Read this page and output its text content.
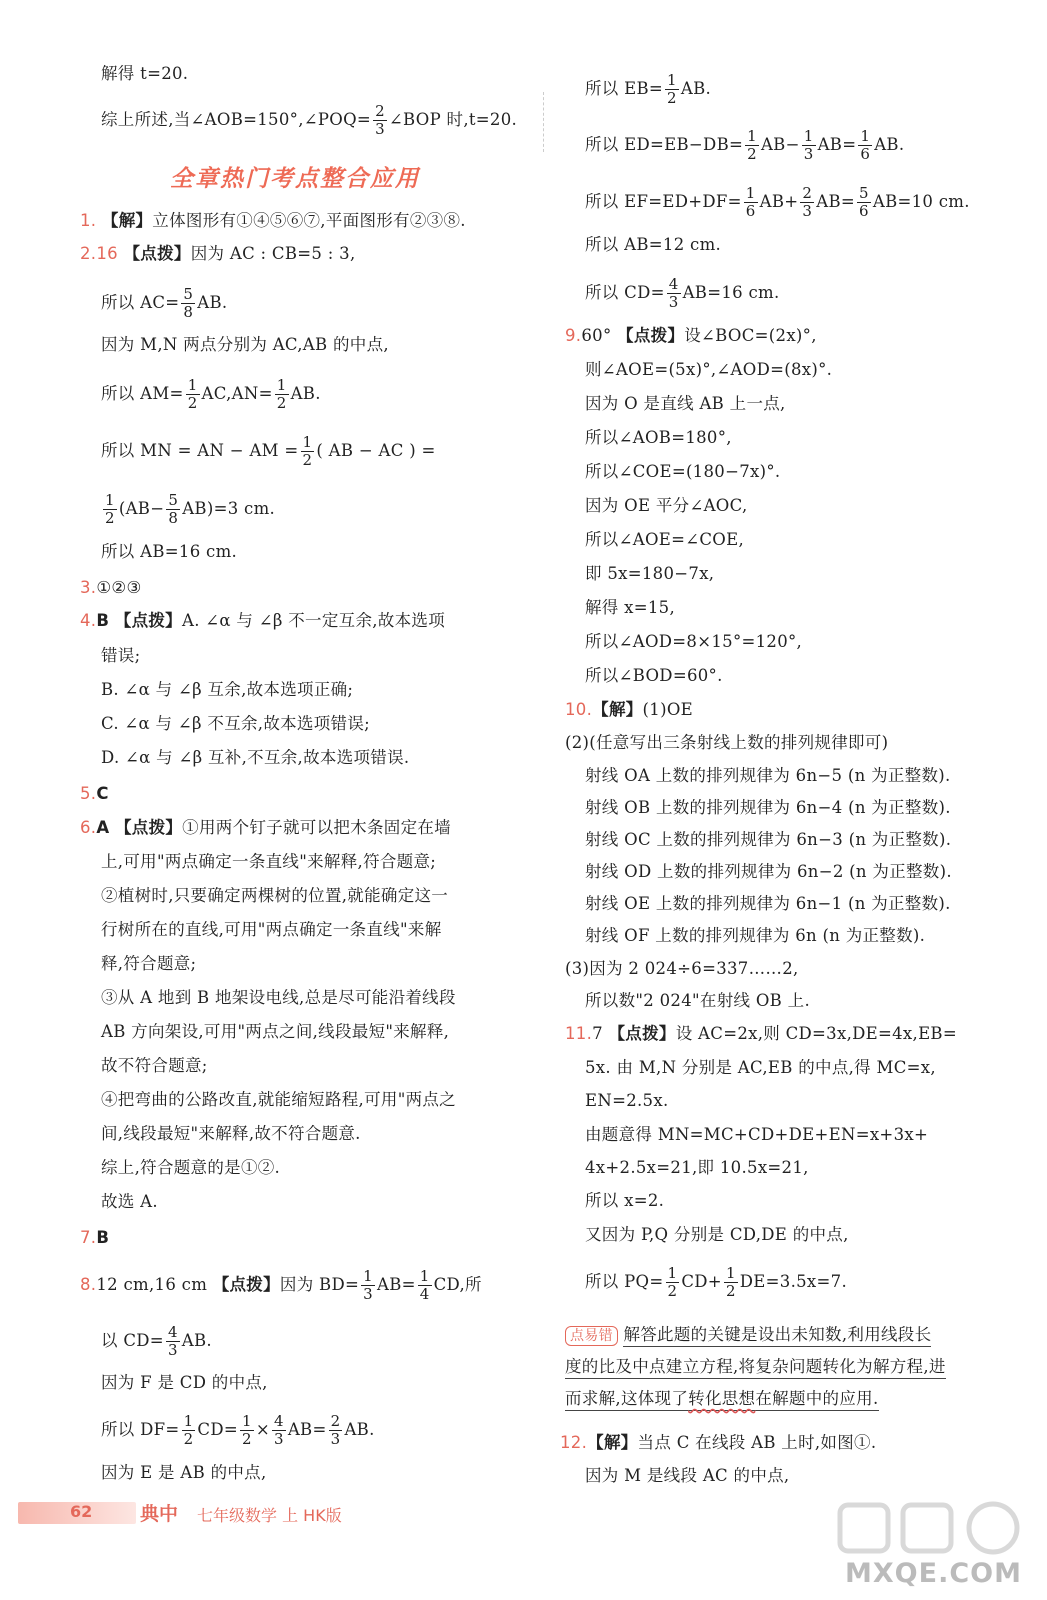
解得 t=20.
综上所述,当∠AOB=150°,∠POQ= $\frac{2}{3}$ ∠BOP 时,t=20.
全章热门考点整合应用
1. 【解】立体图形有①④⑤⑥⑦,平面图形有②③⑧.
2.16 【点拨】因为 AC : CB=5 : 3,
所以 $AC= \frac{5}{8}$ AB.
因为 M,N 两点分别为 AC,AB 的中点,
所以 $AM= \frac{1}{2} AC,AN= \frac{1}{2}$ AB.
所以 MN = AN − AM = $\frac{1}{2}$ ( AB − AC ) =
$\frac{1}{2} (AB- \frac{5}{8} AB)=3$ cm.
所以 AB=16 cm.
3.①②③
4.B 【点拨】A. ∠α 与 ∠β 不一定互余,故本选项
错误;
B. ∠α 与 ∠β 互余,故本选项正确;
C. ∠α 与 ∠β 不互余,故本选项错误;
D. ∠α 与 ∠β 互补,不互余,故本选项错误.
5.C
6.A 【点拨】①用两个钉子就可以把木条固定在墙
上,可用"两点确定一条直线"来解释,符合题意;
②植树时,只要确定两棵树的位置,就能确定这一
行树所在的直线,可用"两点确定一条直线"来解
释,符合题意;
③从 A 地到 B 地架设电线,总是尽可能沿着线段
AB 方向架设,可用"两点之间,线段最短"来解释,
故不符合题意;
④把弯曲的公路改直,就能缩短路程,可用"两点之
间,线段最短"来解释,故不符合题意.
综上,符合题意的是①②.
故选 A.
7.B
8.12 cm,16 cm 【点拨】因为 $BD= \frac{1}{3} AB= \frac{1}{4}$ CD,所
以 $CD= \frac{4}{3}$ AB.
因为 F 是 CD 的中点,
所以 $DF= \frac{1}{2} CD= \frac{1}{2} \times \frac{4}{3} AB= \frac{2}{3}$ AB.
因为 E 是 AB 的中点,
所以 $EB= \frac{1}{2}$ AB.
所以 $ED=EB-DB= \frac{1}{2} AB- \frac{1}{3} AB= \frac{1}{6}$ AB.
所以 $EF=ED+DF= \frac{1}{6} AB+ \frac{2}{3} AB= \frac{5}{6} AB=10$ cm.
所以 AB=12 cm.
所以 $CD= \frac{4}{3} AB=16$ cm.
9.60° 【点拨】设∠BOC=(2x)°,
则∠AOE=(5x)°,∠AOD=(8x)°.
因为 O 是直线 AB 上一点,
所以∠AOB=180°,
所以∠COE=(180−7x)°.
因为 OE 平分∠AOC,
所以∠AOE=∠COE,
即 5x=180−7x,
解得 x=15,
所以∠AOD=8×15°=120°,
所以∠BOD=60°.
10.【解】(1)OE
(2)(任意写出三条射线上数的排列规律即可)
射线 OA 上数的排列规律为 6n−5 (n 为正整数).
射线 OB 上数的排列规律为 6n−4 (n 为正整数).
射线 OC 上数的排列规律为 6n−3 (n 为正整数).
射线 OD 上数的排列规律为 6n−2 (n 为正整数).
射线 OE 上数的排列规律为 6n−1 (n 为正整数).
射线 OF 上数的排列规律为 6n (n 为正整数).
(3)因为 2 024÷6=337……2,
所以数"2 024"在射线 OB 上.
11.7 【点拨】设 AC=2x,则 CD=3x,DE=4x,EB=
5x. 由 M,N 分别是 AC,EB 的中点,得 MC=x,
EN=2.5x.
由题意得 MN=MC+CD+DE+EN=x+3x+
4x+2.5x=21,即 10.5x=21,
所以 x=2.
又因为 P,Q 分别是 CD,DE 的中点,
所以 $PQ= \frac{1}{2} CD+ \frac{1}{2} DE=3.5x=7$.
点易错 解答此题的关键是设出未知数,利用线段长
度的比及中点建立方程,将复杂问题转化为解方程,进
而求解,这体现了转化思想在解题中的应用.
12.【解】当点 C 在线段 AB 上时,如图①.
因为 M 是线段 AC 的中点,
62	典中 七年级数学 上 HK版
MXQE.COM
